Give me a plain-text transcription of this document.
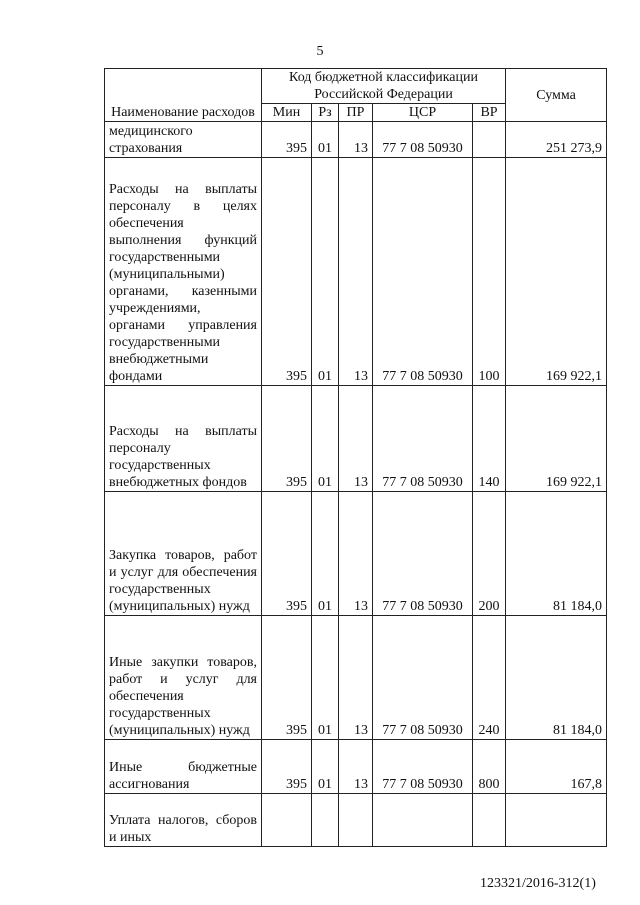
5
Наименование расходов	Код бюджетной классификации Российской Федерации					Сумма
	Мин	Рз	ПР	ЦСР	ВР	
медицинского страхования	395	01	13	77 7 08 50930		251 273,9
Расходы на выплаты персоналу в целях обеспечения выполнения функций государственными (муниципальными) органами, казенными учреждениями, органами управления государственными внебюджетными фондами	395	01	13	77 7 08 50930	100	169 922,1
Расходы на выплаты персоналу государственных внебюджетных фондов	395	01	13	77 7 08 50930	140	169 922,1
Закупка товаров, работ и услуг для обеспечения государственных (муниципальных) нужд	395	01	13	77 7 08 50930	200	81 184,0
Иные закупки товаров, работ и услуг для обеспечения государственных (муниципальных) нужд	395	01	13	77 7 08 50930	240	81 184,0
Иные бюджетные ассигнования	395	01	13	77 7 08 50930	800	167,8
Уплата налогов, сборов и иных						
123321/2016-312(1)
